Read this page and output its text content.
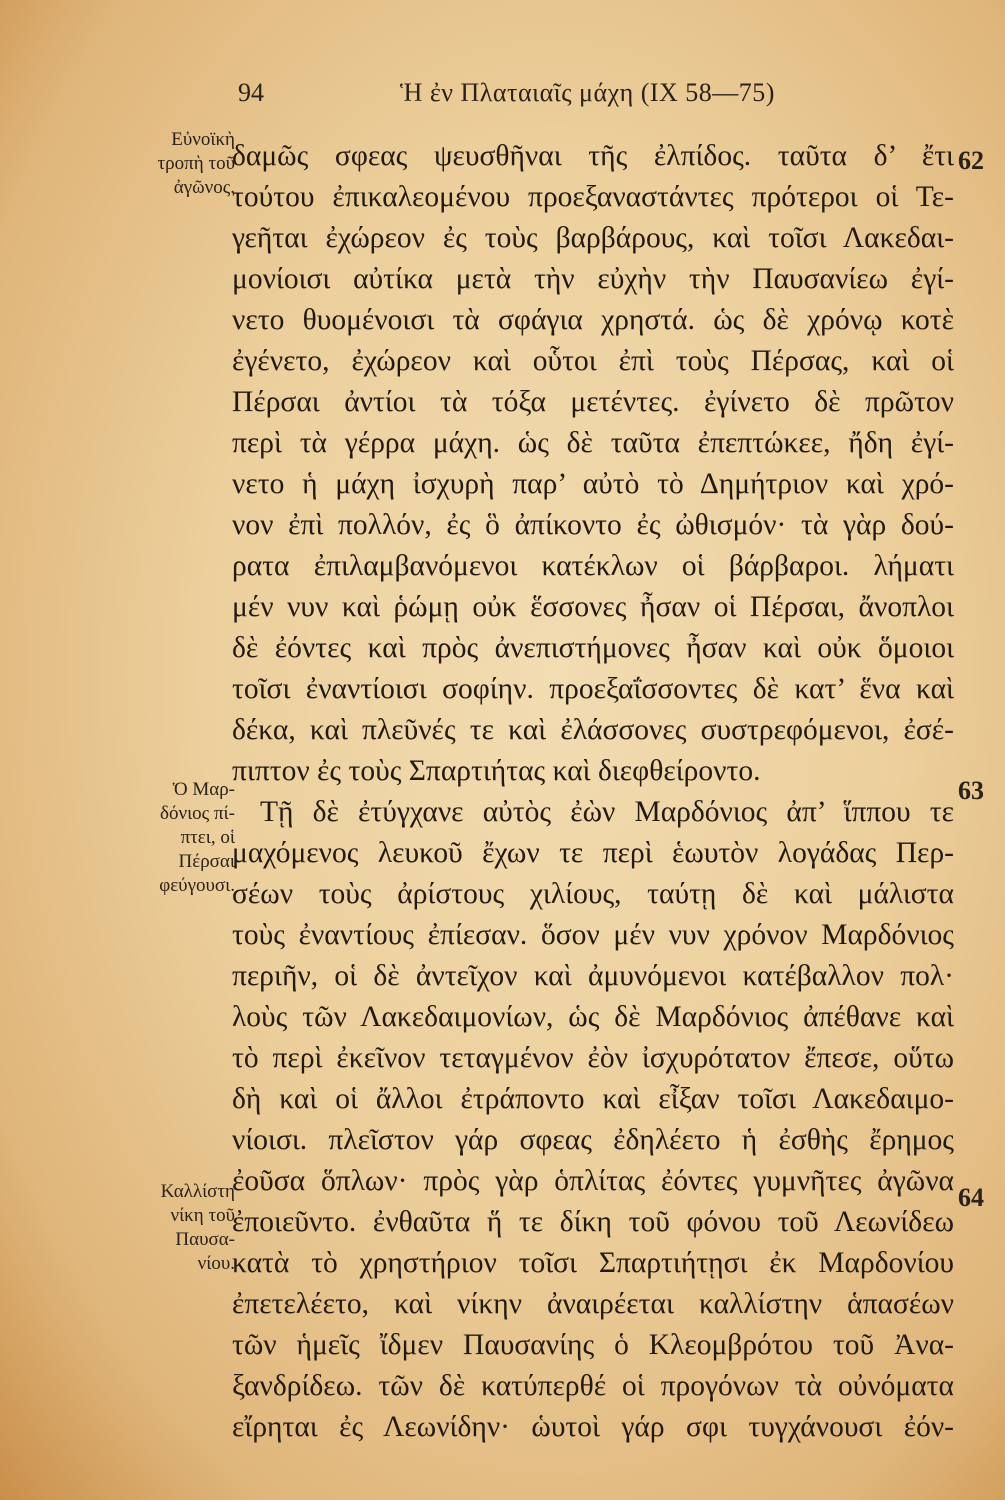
94	Ἡ ἐν Πλαταιαῖς μάχη (IX 58—75)
Εὐνοϊκὴ
τροπὴ τοῦ
ἀγῶνος.
Ὁ Μαρ-
δόνιος πί-
πτει, οἱ
Πέρσαι
φεύγουσι.
Καλλίστη
νίκη τοῦ
Παυσα-
νίου.
62
63
64
δαμῶς σφεας ψευσθῆναι τῆς ἐλπίδος. ταῦτα δ’ ἔτι
τούτου ἐπικαλεομένου προεξαναστάντες πρότεροι οἱ Τε-
γεῆται ἐχώρεον ἐς τοὺς βαρβάρους, καὶ τοῖσι Λακεδαι-
μονίοισι αὐτίκα μετὰ τὴν εὐχὴν τὴν Παυσανίεω ἐγί-
νετο θυομένοισι τὰ σφάγια χρηστά. ὡς δὲ χρόνῳ κοτὲ
ἐγένετο, ἐχώρεον καὶ οὗτοι ἐπὶ τοὺς Πέρσας, καὶ οἱ
Πέρσαι ἀντίοι τὰ τόξα μετέντες. ἐγίνετο δὲ πρῶτον
περὶ τὰ γέρρα μάχη. ὡς δὲ ταῦτα ἐπεπτώκεε, ἤδη ἐγί-
νετο ἡ μάχη ἰσχυρὴ παρ’ αὐτὸ τὸ Δημήτριον καὶ χρό-
νον ἐπὶ πολλόν, ἐς ὃ ἀπίκοντο ἐς ὠθισμόν· τὰ γὰρ δού-
ρατα ἐπιλαμβανόμενοι κατέκλων οἱ βάρβαροι. λήματι
μέν νυν καὶ ῥώμῃ οὐκ ἕσσονες ἦσαν οἱ Πέρσαι, ἄνοπλοι
δὲ ἐόντες καὶ πρὸς ἀνεπιστήμονες ἦσαν καὶ οὐκ ὅμοιοι
τοῖσι ἐναντίοισι σοφίην. προεξαΐσσοντες δὲ κατ’ ἕνα καὶ
δέκα, καὶ πλεῦνές τε καὶ ἐλάσσονες συστρεφόμενοι, ἐσέ-
πιπτον ἐς τοὺς Σπαρτιήτας καὶ διεφθείροντο.
Τῇ δὲ ἐτύγχανε αὐτὸς ἐὼν Μαρδόνιος ἀπ’ ἵππου τε
μαχόμενος λευκοῦ ἔχων τε περὶ ἑωυτὸν λογάδας Περ-
σέων τοὺς ἀρίστους χιλίους, ταύτῃ δὲ καὶ μάλιστα
τοὺς ἐναντίους ἐπίεσαν. ὅσον μέν νυν χρόνον Μαρδόνιος
περιῆν, οἱ δὲ ἀντεῖχον καὶ ἀμυνόμενοι κατέβαλλον πολ·
λοὺς τῶν Λακεδαιμονίων, ὡς δὲ Μαρδόνιος ἀπέθανε καὶ
τὸ περὶ ἐκεῖνον τεταγμένον ἐὸν ἰσχυρότατον ἔπεσε, οὕτω
δὴ καὶ οἱ ἄλλοι ἐτράποντο καὶ εἶξαν τοῖσι Λακεδαιμο-
νίοισι. πλεῖστον γάρ σφεας ἐδηλέετο ἡ ἐσθὴς ἔρημος
ἐοῦσα ὅπλων· πρὸς γὰρ ὁπλίτας ἐόντες γυμνῆτες ἀγῶνα
ἐποιεῦντο. ἐνθαῦτα ἥ τε δίκη τοῦ φόνου τοῦ Λεωνίδεω
κατὰ τὸ χρηστήριον τοῖσι Σπαρτιήτῃσι ἐκ Μαρδονίου
ἐπετελέετο, καὶ νίκην ἀναιρέεται καλλίστην ἁπασέων
τῶν ἡμεῖς ἴδμεν Παυσανίης ὁ Κλεομβρότου τοῦ Ἀνα-
ξανδρίδεω. τῶν δὲ κατύπερθέ οἱ προγόνων τὰ οὐνόματα
εἴρηται ἐς Λεωνίδην· ὡυτοὶ γάρ σφι τυγχάνουσι ἐόν-
